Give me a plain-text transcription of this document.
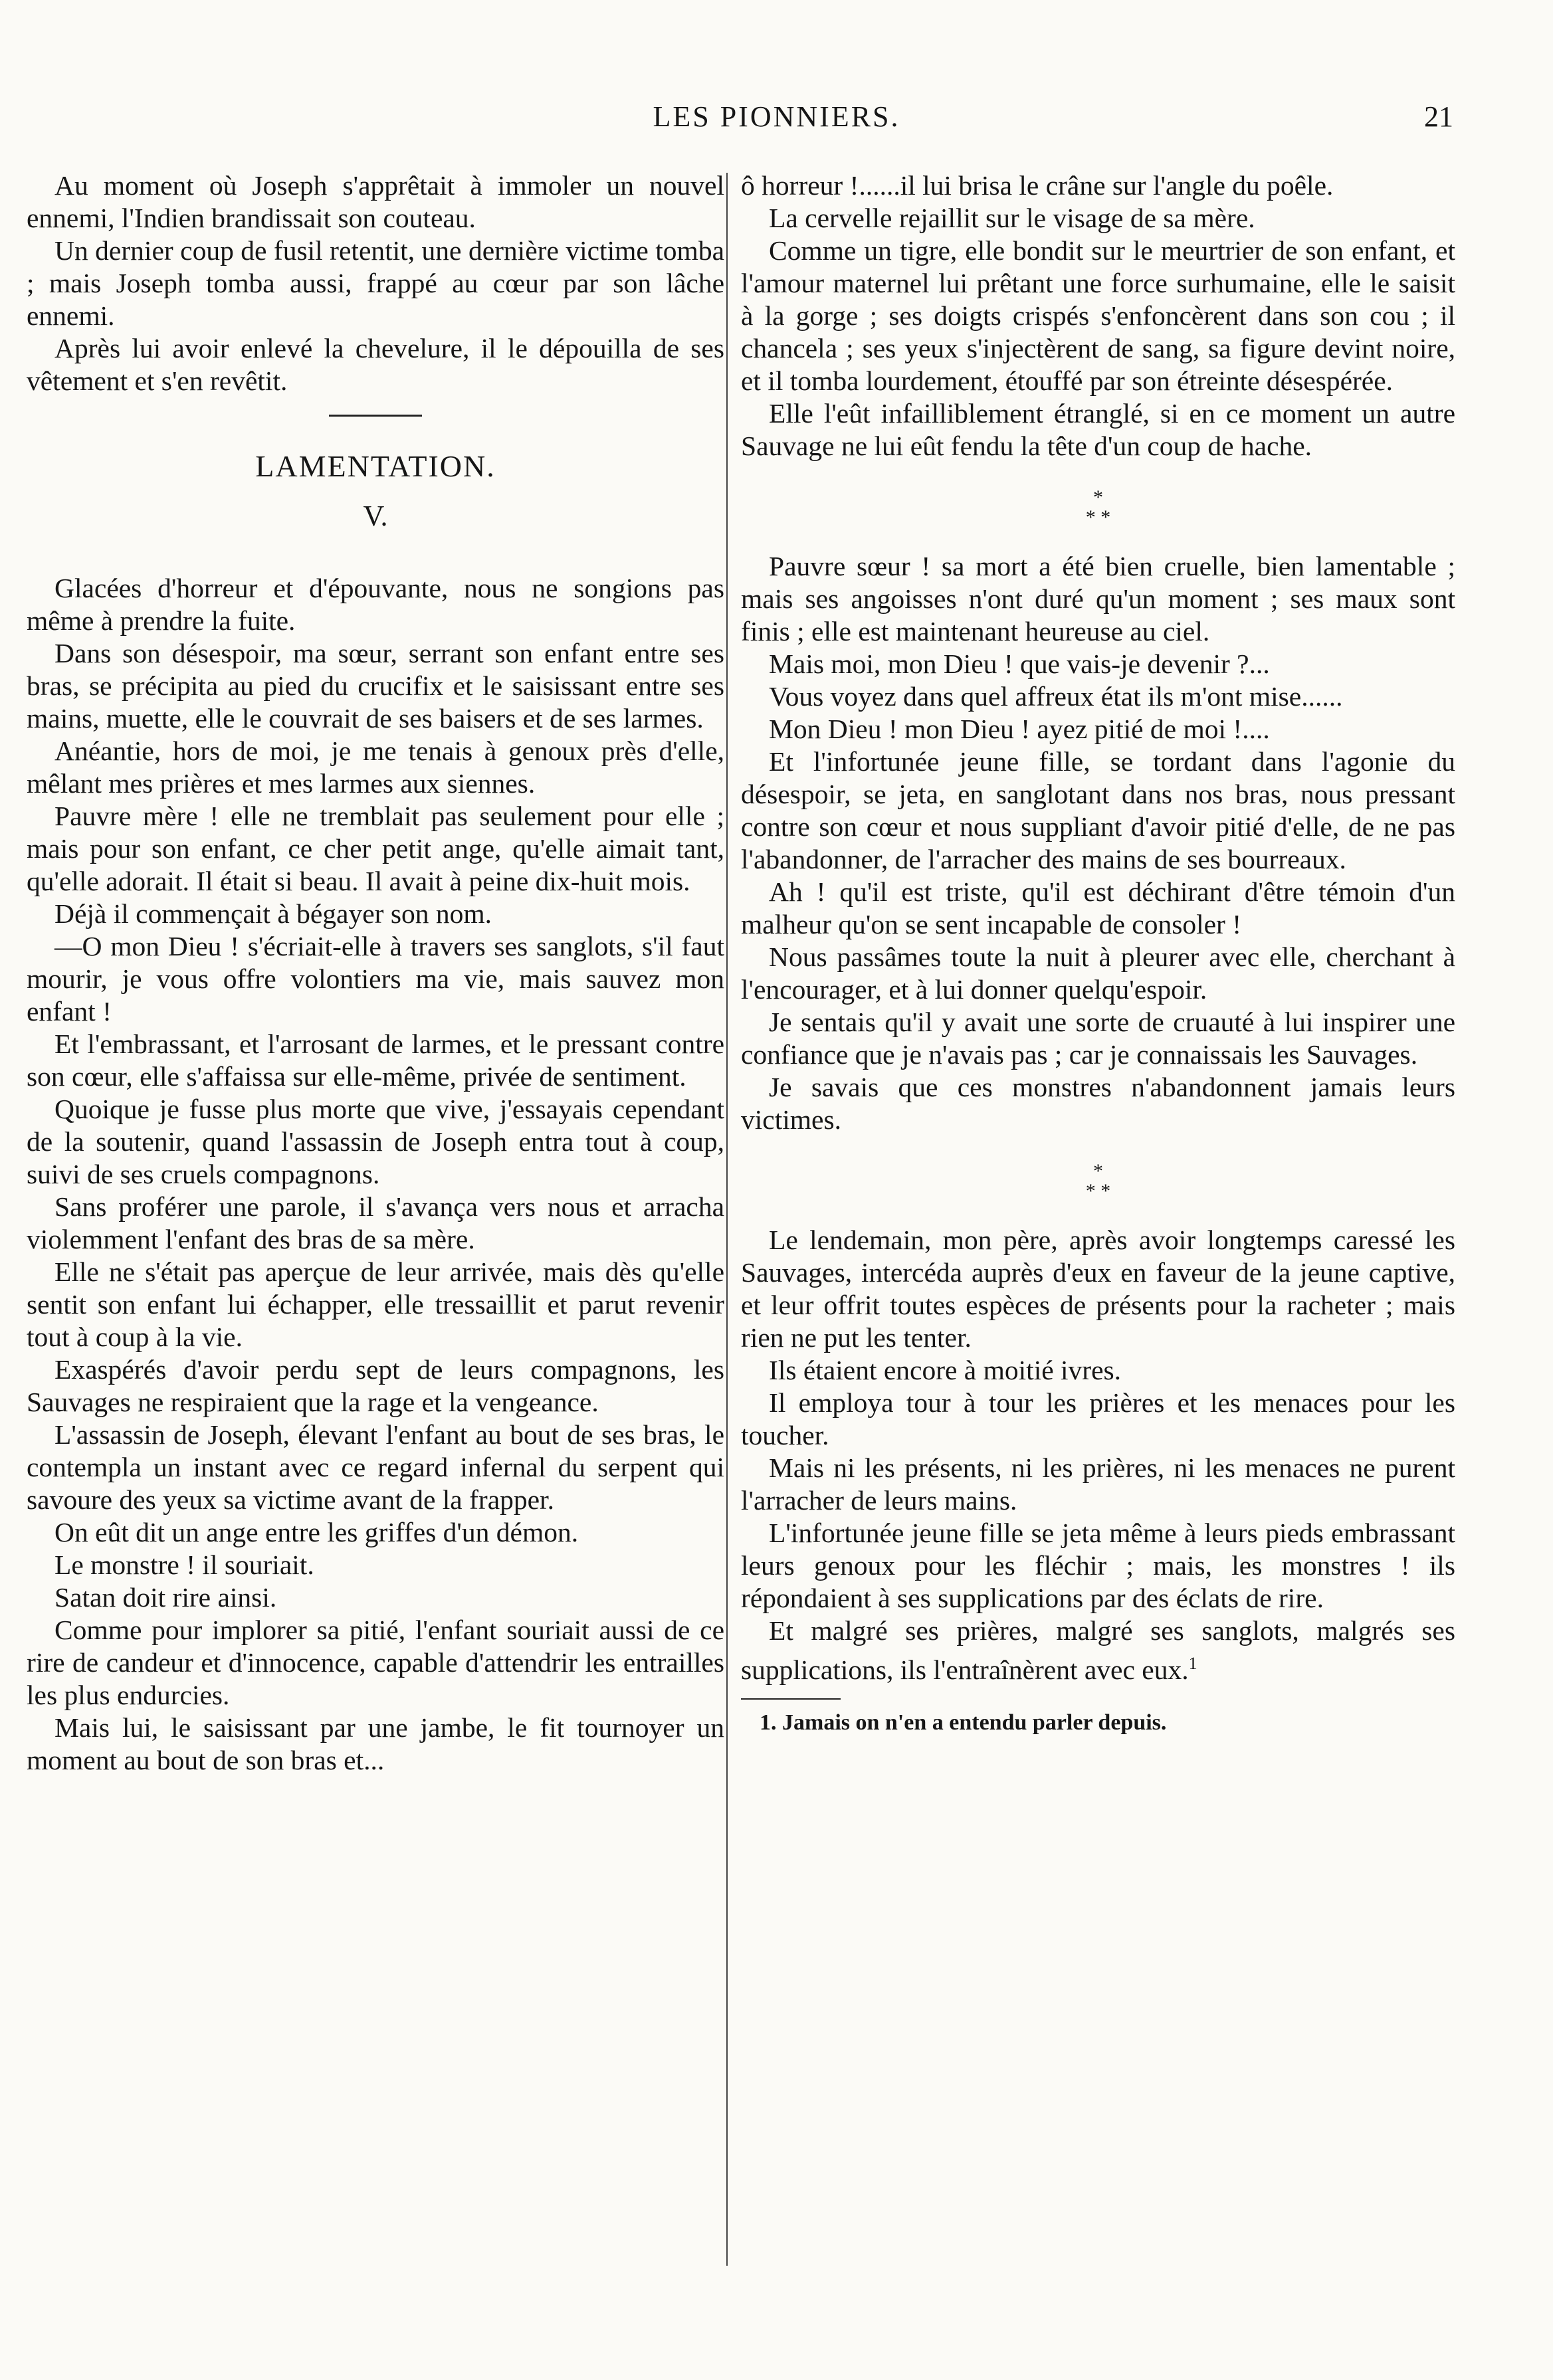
LES PIONNIERS.	21

Au moment où Joseph s'apprêtait à immoler un nouvel ennemi, l'Indien brandissait son couteau.

Un dernier coup de fusil retentit, une dernière victime tomba ; mais Joseph tomba aussi, frappé au cœur par son lâche ennemi.

Après lui avoir enlevé la chevelure, il le dépouilla de ses vêtement et s'en revêtit.

LAMENTATION.

V.

Glacées d'horreur et d'épouvante, nous ne songions pas même à prendre la fuite.

Dans son désespoir, ma sœur, serrant son enfant entre ses bras, se précipita au pied du crucifix et le saisissant entre ses mains, muette, elle le couvrait de ses baisers et de ses larmes.

Anéantie, hors de moi, je me tenais à genoux près d'elle, mêlant mes prières et mes larmes aux siennes.

Pauvre mère ! elle ne tremblait pas seulement pour elle ; mais pour son enfant, ce cher petit ange, qu'elle aimait tant, qu'elle adorait. Il était si beau. Il avait à peine dix-huit mois.

Déjà il commençait à bégayer son nom.

—O mon Dieu ! s'écriait-elle à travers ses sanglots, s'il faut mourir, je vous offre volontiers ma vie, mais sauvez mon enfant !

Et l'embrassant, et l'arrosant de larmes, et le pressant contre son cœur, elle s'affaissa sur elle-même, privée de sentiment.

Quoique je fusse plus morte que vive, j'essayais cependant de la soutenir, quand l'assassin de Joseph entra tout à coup, suivi de ses cruels compagnons.

Sans proférer une parole, il s'avança vers nous et arracha violemment l'enfant des bras de sa mère.

Elle ne s'était pas aperçue de leur arrivée, mais dès qu'elle sentit son enfant lui échapper, elle tressaillit et parut revenir tout à coup à la vie.

Exaspérés d'avoir perdu sept de leurs compagnons, les Sauvages ne respiraient que la rage et la vengeance.

L'assassin de Joseph, élevant l'enfant au bout de ses bras, le contempla un instant avec ce regard infernal du serpent qui savoure des yeux sa victime avant de la frapper.

On eût dit un ange entre les griffes d'un démon.

Le monstre ! il souriait.

Satan doit rire ainsi.

Comme pour implorer sa pitié, l'enfant souriait aussi de ce rire de candeur et d'innocence, capable d'attendrir les entrailles les plus endurcies.

Mais lui, le saisissant par une jambe, le fit tournoyer un moment au bout de son bras et...

ô horreur !......il lui brisa le crâne sur l'angle du poêle.

La cervelle rejaillit sur le visage de sa mère.

Comme un tigre, elle bondit sur le meurtrier de son enfant, et l'amour maternel lui prêtant une force surhumaine, elle le saisit à la gorge ; ses doigts crispés s'enfoncèrent dans son cou ; il chancela ; ses yeux s'injectèrent de sang, sa figure devint noire, et il tomba lourdement, étouffé par son étreinte désespérée.

Elle l'eût infailliblement étranglé, si en ce moment un autre Sauvage ne lui eût fendu la tête d'un coup de hache.

*
* *

Pauvre sœur ! sa mort a été bien cruelle, bien lamentable ; mais ses angoisses n'ont duré qu'un moment ; ses maux sont finis ; elle est maintenant heureuse au ciel.

Mais moi, mon Dieu ! que vais-je devenir ?...

Vous voyez dans quel affreux état ils m'ont mise......

Mon Dieu ! mon Dieu ! ayez pitié de moi !....

Et l'infortunée jeune fille, se tordant dans l'agonie du désespoir, se jeta, en sanglotant dans nos bras, nous pressant contre son cœur et nous suppliant d'avoir pitié d'elle, de ne pas l'abandonner, de l'arracher des mains de ses bourreaux.

Ah ! qu'il est triste, qu'il est déchirant d'être témoin d'un malheur qu'on se sent incapable de consoler !

Nous passâmes toute la nuit à pleurer avec elle, cherchant à l'encourager, et à lui donner quelqu'espoir.

Je sentais qu'il y avait une sorte de cruauté à lui inspirer une confiance que je n'avais pas ; car je connaissais les Sauvages.

Je savais que ces monstres n'abandonnent jamais leurs victimes.

*
* *

Le lendemain, mon père, après avoir longtemps caressé les Sauvages, intercéda auprès d'eux en faveur de la jeune captive, et leur offrit toutes espèces de présents pour la racheter ; mais rien ne put les tenter.

Ils étaient encore à moitié ivres.

Il employa tour à tour les prières et les menaces pour les toucher.

Mais ni les présents, ni les prières, ni les menaces ne purent l'arracher de leurs mains.

L'infortunée jeune fille se jeta même à leurs pieds embrassant leurs genoux pour les fléchir ; mais, les monstres ! ils répondaient à ses supplications par des éclats de rire.

Et malgré ses prières, malgré ses sanglots, malgrés ses supplications, ils l'entraînèrent avec eux.$^1$

1. Jamais on n'en a entendu parler depuis.
